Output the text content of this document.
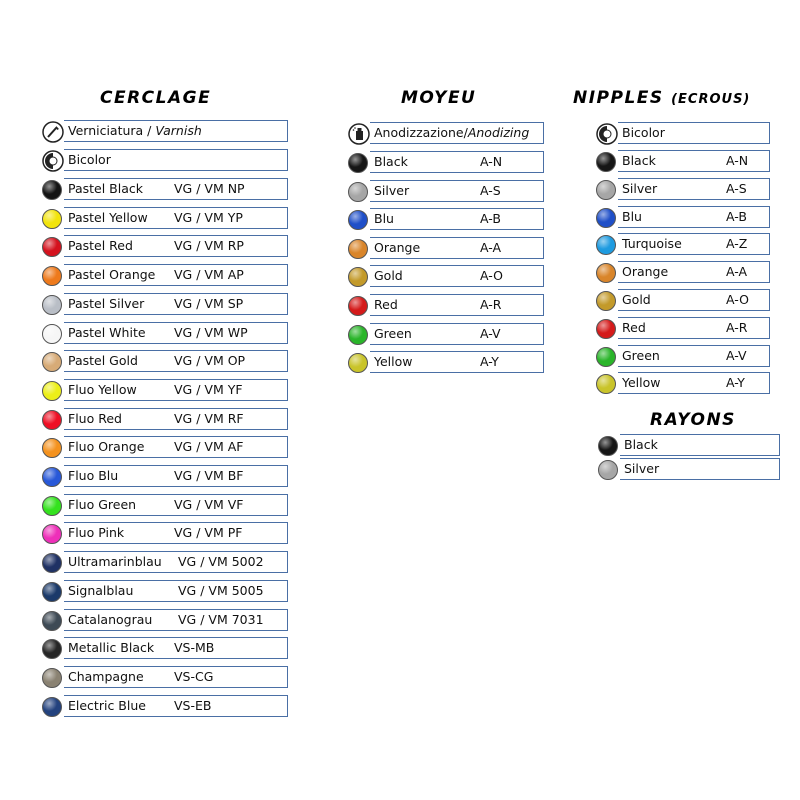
CERCLAGE
Verniciatura / Varnish
Bicolor
Pastel Black VG / VM NP
Pastel Yellow VG / VM YP
Pastel Red	VG / VM RP
Pastel Orange VG / VM AP
Pastel Silver VG / VM SP
Pastel White VG / VM WP
Pastel Gold	VG / VM OP
Fluo Yellow	VG / VM YF
Fluo Red	VG / VM RF
Fluo Orange VG / VM AF
Fluo Blu	VG / VM BF
Fluo Green	VG / VM VF
Fluo Pink	VG / VM PF
Ultramarinblau VG / VM 5002
Signalblau	VG / VM 5005
Catalanograu VG / VM 7031
Metallic Black VS-MB
Champagne VS-CG
Electric Blue VS-EB
MOYEU
Anodizzazione/Anodizing
Black	A-N
Silver	A-S
Blu	A-B
Orange	A-A
Gold	A-O
Red	A-R
Green	A-V
Yellow	A-Y
NIPPLES (ECROUS)
Bicolor
Black	A-N
Silver	A-S
Blu	A-B
Turquoise	A-Z
Orange	A-A
Gold	A-O
Red	A-R
Green	A-V
Yellow	A-Y
RAYONS
Black
Silver
